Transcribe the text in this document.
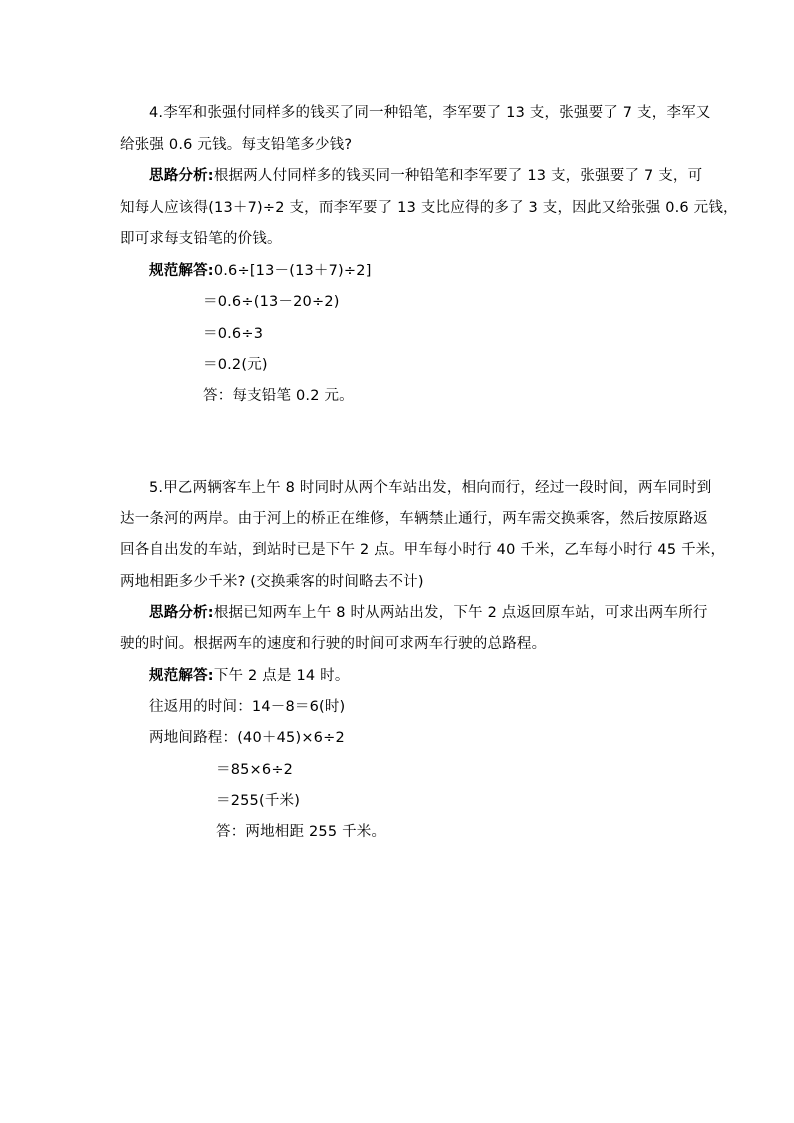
4.李军和张强付同样多的钱买了同一种铅笔，李军要了 13 支，张强要了 7 支，李军又
给张强 0.6 元钱。每支铅笔多少钱?
思路分析:根据两人付同样多的钱买同一种铅笔和李军要了 13 支，张强要了 7 支，可
知每人应该得(13＋7)÷2 支，而李军要了 13 支比应得的多了 3 支，因此又给张强 0.6 元钱，
即可求每支铅笔的价钱。
规范解答:0.6÷[13－(13＋7)÷2]
＝0.6÷(13－20÷2)
＝0.6÷3
＝0.2(元)
答：每支铅笔 0.2 元。
5.甲乙两辆客车上午 8 时同时从两个车站出发，相向而行，经过一段时间，两车同时到
达一条河的两岸。由于河上的桥正在维修，车辆禁止通行，两车需交换乘客，然后按原路返
回各自出发的车站，到站时已是下午 2 点。甲车每小时行 40 千米，乙车每小时行 45 千米，
两地相距多少千米? (交换乘客的时间略去不计)
思路分析:根据已知两车上午 8 时从两站出发，下午 2 点返回原车站，可求出两车所行
驶的时间。根据两车的速度和行驶的时间可求两车行驶的总路程。
规范解答:下午 2 点是 14 时。
往返用的时间：14－8＝6(时)
两地间路程：(40＋45)×6÷2
＝85×6÷2
＝255(千米)
答：两地相距 255 千米。
